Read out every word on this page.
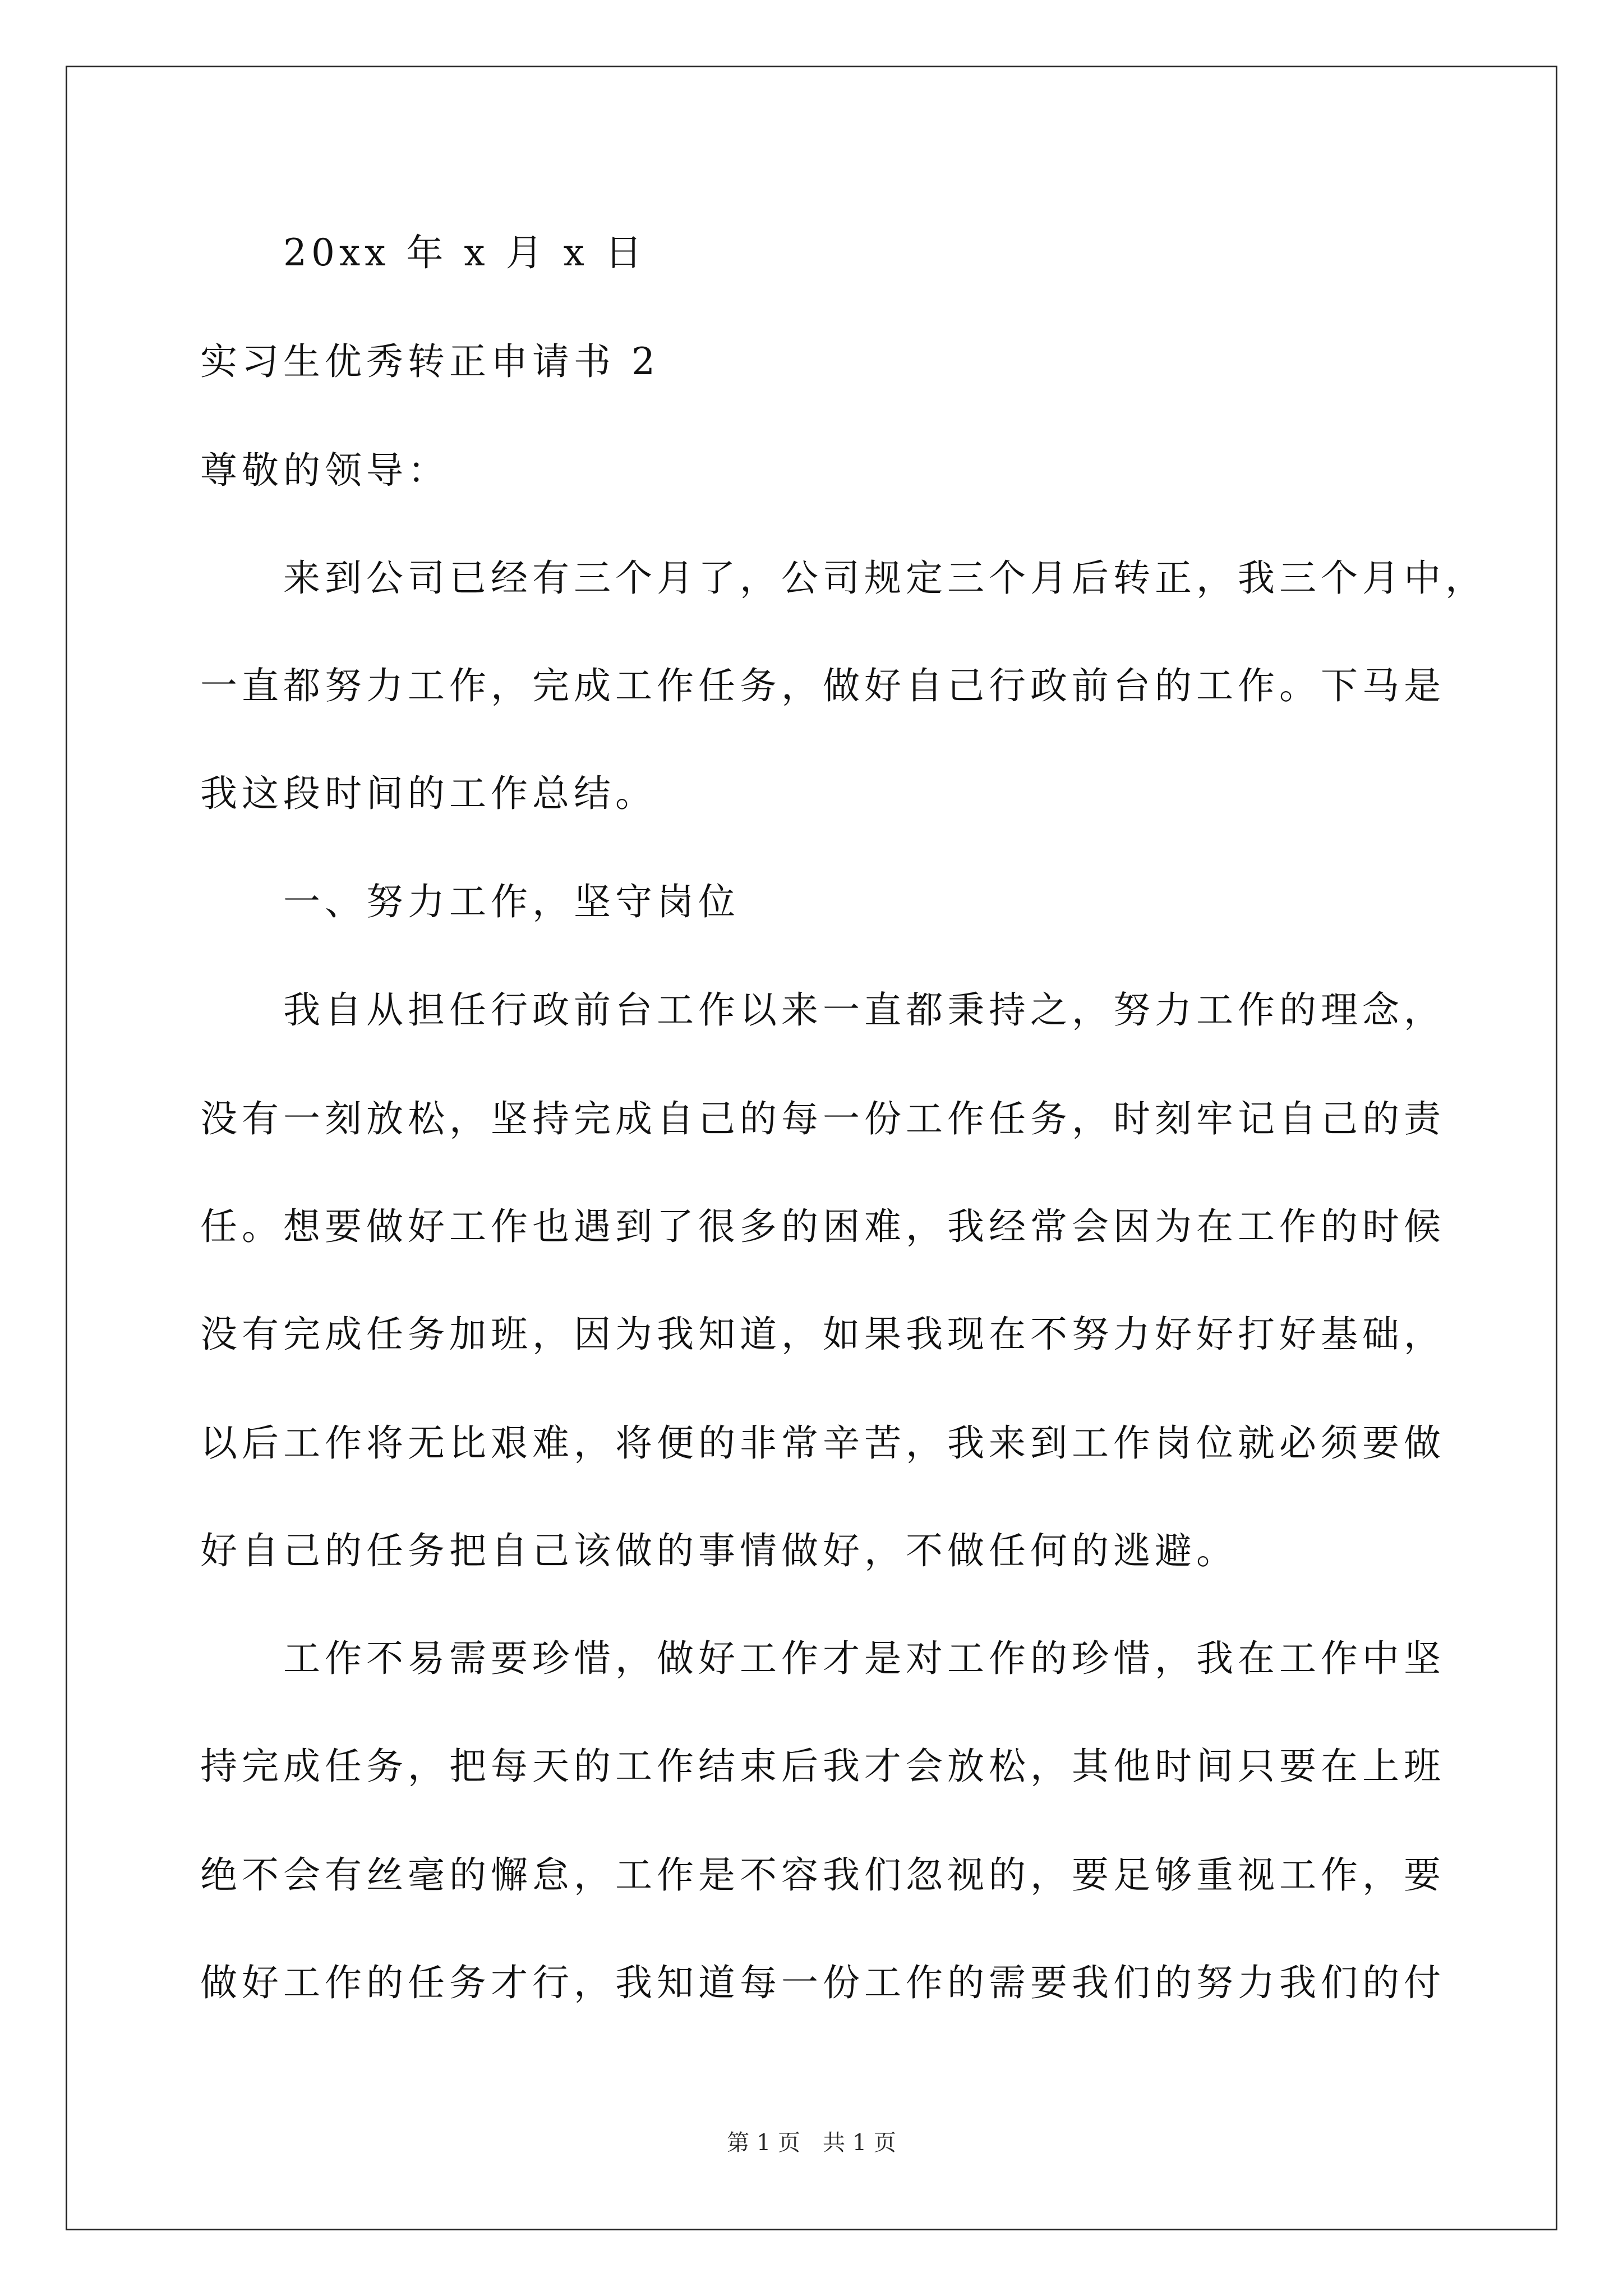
20xx 年 x 月 x 日
实习生优秀转正申请书 2
尊敬的领导：
来到公司已经有三个月了，公司规定三个月后转正，我三个月中，
一直都努力工作，完成工作任务，做好自己行政前台的工作。下马是
我这段时间的工作总结。
一、努力工作，坚守岗位
我自从担任行政前台工作以来一直都秉持之，努力工作的理念，
没有一刻放松，坚持完成自己的每一份工作任务，时刻牢记自己的责
任。想要做好工作也遇到了很多的困难，我经常会因为在工作的时候
没有完成任务加班，因为我知道，如果我现在不努力好好打好基础，
以后工作将无比艰难，将便的非常辛苦，我来到工作岗位就必须要做
好自己的任务把自己该做的事情做好，不做任何的逃避。
工作不易需要珍惜，做好工作才是对工作的珍惜，我在工作中坚
持完成任务，把每天的工作结束后我才会放松，其他时间只要在上班
绝不会有丝毫的懈怠，工作是不容我们忽视的，要足够重视工作，要
做好工作的任务才行，我知道每一份工作的需要我们的努力我们的付
第 1 页　共 1 页
